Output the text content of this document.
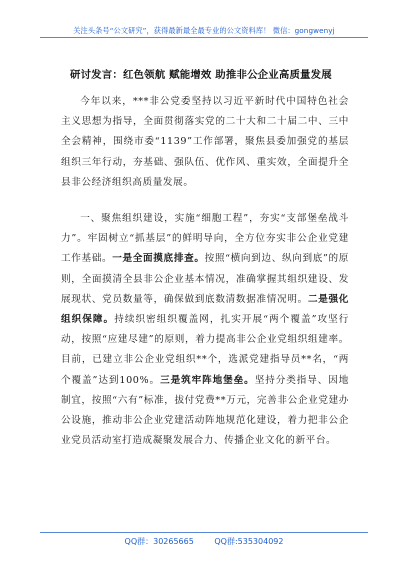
关注头条号“公文研究”，获得最新最全最专业的公文资料库！ 微信：gongwenyj
研讨发言：红色领航 赋能增效 助推非公企业高质量发展

今年以来，***非公党委坚持以习近平新时代中国特色社会主义思想为指导，全面贯彻落实党的二十大和二十届二中、三中全会精神，围绕市委“1139”工作部署，聚焦县委加强党的基层组织三年行动，夯基础、强队伍、优作风、重实效，全面提升全县非公经济组织高质量发展。

一、聚焦组织建设，实施“细胞工程”，夯实“支部堡垒战斗力”。牢固树立“抓基层”的鲜明导向，全方位夯实非公企业党建工作基础。一是全面摸底排查。按照“横向到边、纵向到底”的原则，全面摸清全县非公企业基本情况，准确掌握其组织建设、发展现状、党员数量等，确保做到底数清数据准情况明。二是强化组织保障。持续织密组织覆盖网，扎实开展“两个覆盖”攻坚行动，按照“应建尽建”的原则，着力提高非公企业党组织组建率。目前，已建立非公企业党组织**个，选派党建指导员**名，“两个覆盖”达到100%。三是筑牢阵地堡垒。坚持分类指导、因地制宜，按照“六有”标准，拔付党费**万元，完善非公企业党建办公设施，推动非公企业党建活动阵地规范化建设，着力把非公企业党员活动室打造成凝聚发展合力、传播企业文化的新平台。

QQ群：30265665	QQ群:535304092
